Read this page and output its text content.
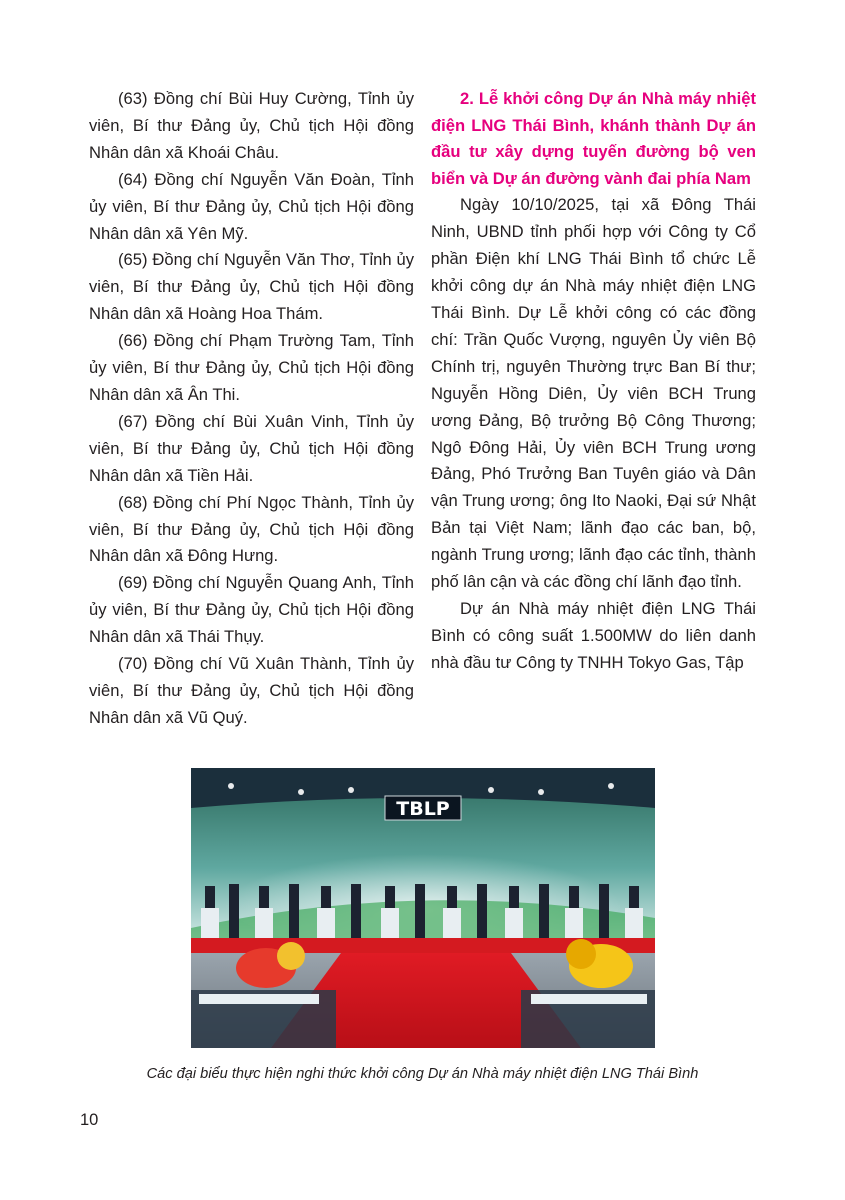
(63) Đồng chí Bùi Huy Cường, Tỉnh ủy viên, Bí thư Đảng ủy, Chủ tịch Hội đồng Nhân dân xã Khoái Châu.

(64) Đồng chí Nguyễn Văn Đoàn, Tỉnh ủy viên, Bí thư Đảng ủy, Chủ tịch Hội đồng Nhân dân xã Yên Mỹ.

(65) Đồng chí Nguyễn Văn Thơ, Tỉnh ủy viên, Bí thư Đảng ủy, Chủ tịch Hội đồng Nhân dân xã Hoàng Hoa Thám.

(66) Đồng chí Phạm Trường Tam, Tỉnh ủy viên, Bí thư Đảng ủy, Chủ tịch Hội đồng Nhân dân xã Ân Thi.

(67) Đồng chí Bùi Xuân Vinh, Tỉnh ủy viên, Bí thư Đảng ủy, Chủ tịch Hội đồng Nhân dân xã Tiền Hải.

(68) Đồng chí Phí Ngọc Thành, Tỉnh ủy viên, Bí thư Đảng ủy, Chủ tịch Hội đồng Nhân dân xã Đông Hưng.

(69) Đồng chí Nguyễn Quang Anh, Tỉnh ủy viên, Bí thư Đảng ủy, Chủ tịch Hội đồng Nhân dân xã Thái Thụy.

(70) Đồng chí Vũ Xuân Thành, Tỉnh ủy viên, Bí thư Đảng ủy, Chủ tịch Hội đồng Nhân dân xã Vũ Quý.

2. Lễ khởi công Dự án Nhà máy nhiệt điện LNG Thái Bình, khánh thành Dự án đầu tư xây dựng tuyến đường bộ ven biển và Dự án đường vành đai phía Nam

Ngày 10/10/2025, tại xã Đông Thái Ninh, UBND tỉnh phối hợp với Công ty Cổ phần Điện khí LNG Thái Bình tổ chức Lễ khởi công dự án Nhà máy nhiệt điện LNG Thái Bình. Dự Lễ khởi công có các đồng chí: Trần Quốc Vượng, nguyên Ủy viên Bộ Chính trị, nguyên Thường trực Ban Bí thư; Nguyễn Hồng Diên, Ủy viên BCH Trung ương Đảng, Bộ trưởng Bộ Công Thương; Ngô Đông Hải, Ủy viên BCH Trung ương Đảng, Phó Trưởng Ban Tuyên giáo và Dân vận Trung ương; ông Ito Naoki, Đại sứ Nhật Bản tại Việt Nam; lãnh đạo các ban, bộ, ngành Trung ương; lãnh đạo các tỉnh, thành phố lân cận và các đồng chí lãnh đạo tỉnh.

Dự án Nhà máy nhiệt điện LNG Thái Bình có công suất 1.500MW do liên danh nhà đầu tư Công ty TNHH Tokyo Gas, Tập

TBLP
Các đại biểu thực hiện nghi thức khởi công Dự án Nhà máy nhiệt điện LNG Thái Bình
10
